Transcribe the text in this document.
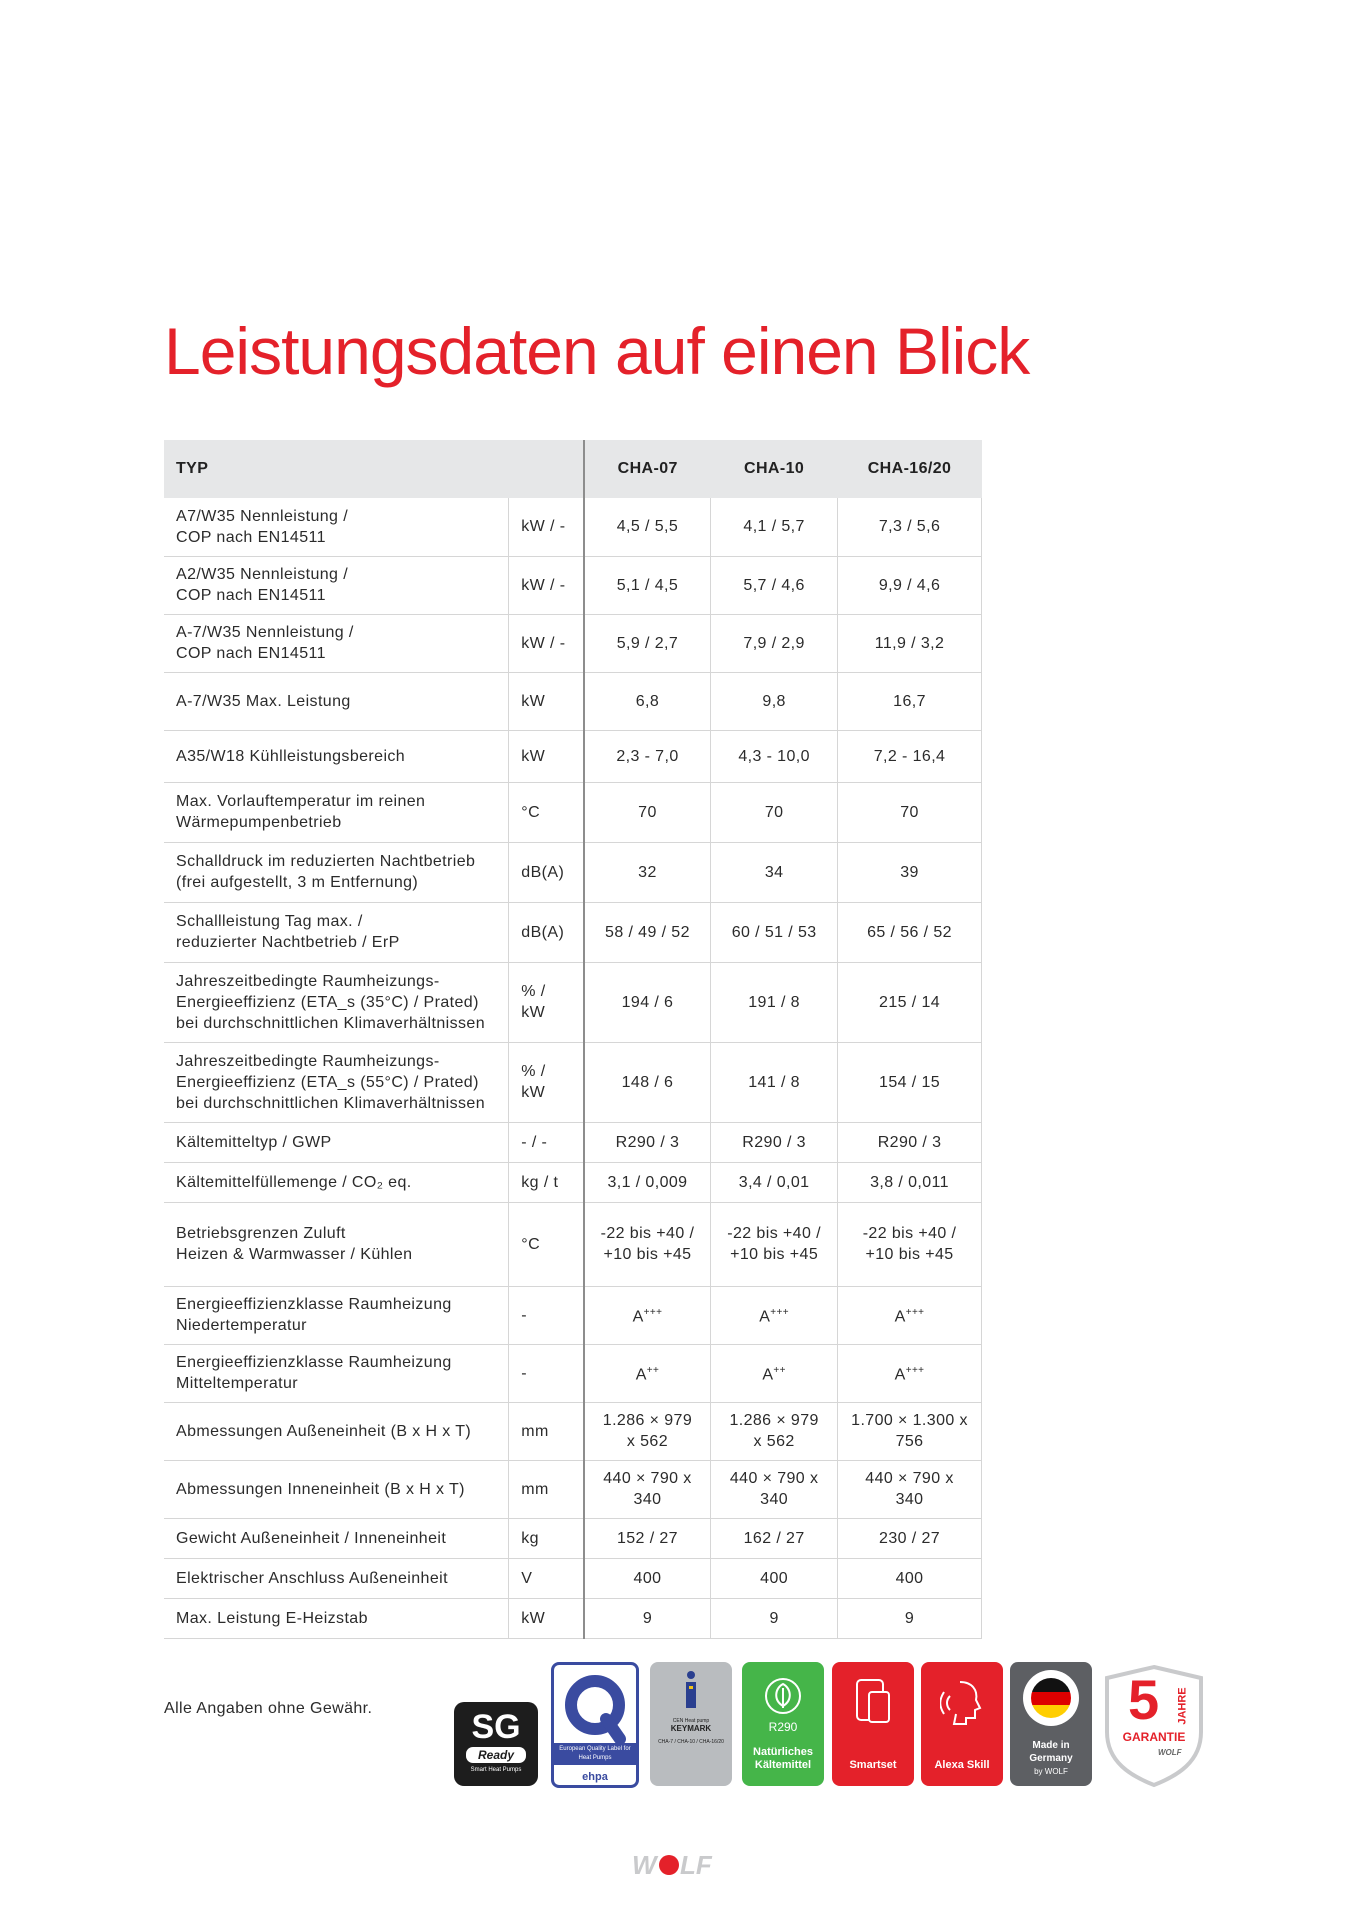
Leistungsdaten auf einen Blick
TYP		CHA-07	CHA-10	CHA-16/20

A7/W35 Nennleistung /
COP nach EN14511	kW / -	4,5 / 5,5	4,1 / 5,7	7,3 / 5,6

A2/W35 Nennleistung /
COP nach EN14511	kW / -	5,1 / 4,5	5,7 / 4,6	9,9 / 4,6

A-7/W35 Nennleistung /
COP nach EN14511	kW / -	5,9 / 2,7	7,9 / 2,9	11,9 / 3,2

A-7/W35 Max. Leistung	kW	6,8	9,8	16,7

A35/W18 Kühlleistungsbereich	kW	2,3 - 7,0	4,3 - 10,0	7,2 - 16,4

Max. Vorlauftemperatur im reinen
Wärmepumpenbetrieb	°C	70	70	70

Schalldruck im reduzierten Nachtbetrieb
(frei aufgestellt, 3 m Entfernung)	dB(A)	32	34	39

Schallleistung Tag max. /
reduzierter Nachtbetrieb / ErP	dB(A)	58 / 49 / 52	60 / 51 / 53	65 / 56 / 52

Jahreszeitbedingte Raumheizungs-
Energieeffizienz (ETA_s (35°C) / Prated)
bei durchschnittlichen Klimaverhältnissen	% / kW	194 / 6	191 / 8	215 / 14

Jahreszeitbedingte Raumheizungs-
Energieeffizienz (ETA_s (55°C) / Prated)
bei durchschnittlichen Klimaverhältnissen	% / kW	148 / 6	141 / 8	154 / 15

Kältemitteltyp / GWP	- / -	R290 / 3	R290 / 3	R290 / 3

Kältemittelfüllemenge / CO₂ eq.	kg / t	3,1 / 0,009	3,4 / 0,01	3,8 / 0,011

Betriebsgrenzen Zuluft
Heizen & Warmwasser / Kühlen	°C	-22 bis +40 / +10 bis +45	-22 bis +40 / +10 bis +45	-22 bis +40 / +10 bis +45

Energieeffizienzklasse Raumheizung
Niedertemperatur	-	A+++	A+++	A+++

Energieeffizienzklasse Raumheizung
Mitteltemperatur	-	A++	A++	A+++

Abmessungen Außeneinheit (B x H x T)	mm	1.286 × 979 x 562	1.286 × 979 x 562	1.700 × 1.300 x 756

Abmessungen Inneneinheit (B x H x T)	mm	440 × 790 x 340	440 × 790 x 340	440 × 790 x 340

Gewicht Außeneinheit / Inneneinheit	kg	152 / 27	162 / 27	230 / 27

Elektrischer Anschluss Außeneinheit	V	400	400	400

Max. Leistung E-Heizstab	kW	9	9	9
Alle Angaben ohne Gewähr.	SG
Ready
Smart Heat Pumps
European Quality Label for Heat Pumps
ehpa
CEN Heat pump
KEYMARK
CHA-7 / CHA-10 / CHA-16/20
R290
Natürliches Kältemittel	Smartset	Alexa Skill
Made in Germany
by WOLF
5 JAHRE
GARANTIE
WOLF
W LF
